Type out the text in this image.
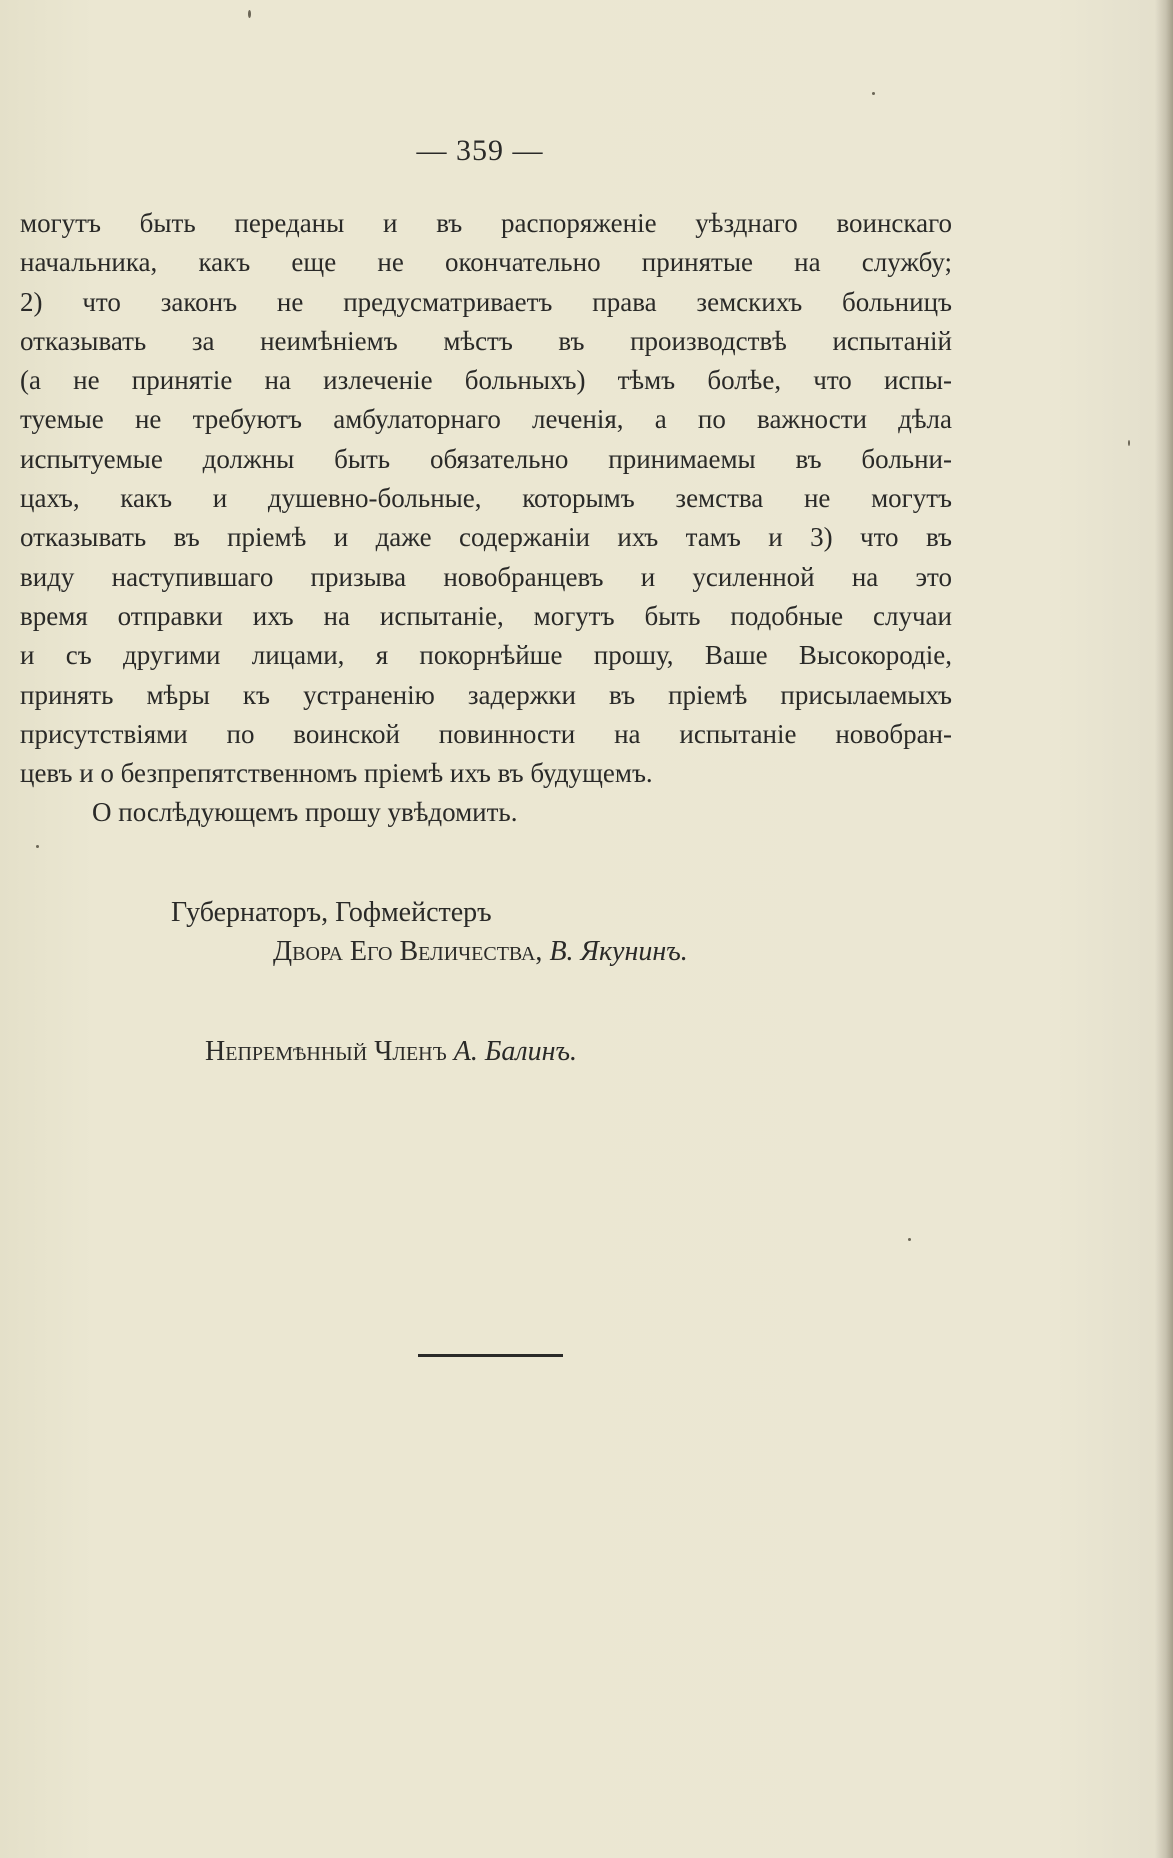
— 359 —
могутъ быть переданы и въ распоряженіе уѣзднаго воинскаго
начальника, какъ еще не окончательно принятые на службу;
2) что законъ не предусматриваетъ права земскихъ больницъ
отказывать за неимѣніемъ мѣстъ въ производствѣ испытаній
(а не принятіе на излеченіе больныхъ) тѣмъ болѣе, что испы-
туемые не требуютъ амбулаторнаго леченія, а по важности дѣла
испытуемые должны быть обязательно принимаемы въ больни-
цахъ, какъ и душевно-больные, которымъ земства не могутъ
отказывать въ пріемѣ и даже содержаніи ихъ тамъ и 3) что въ
виду наступившаго призыва новобранцевъ и усиленной на это
время отправки ихъ на испытаніе, могутъ быть подобные случаи
и съ другими лицами, я покорнѣйше прошу, Ваше Высокородіе,
принять мѣры къ устраненію задержки въ пріемѣ присылаемыхъ
присутствіями по воинской повинности на испытаніе новобран-
цевъ и о безпрепятственномъ пріемѣ ихъ въ будущемъ.
О послѣдующемъ прошу увѣдомить.
Губернаторъ, Гофмейстеръ
Двора Его Величества, В. Якунинъ.
Непремѣнный Членъ А. Балинъ.
